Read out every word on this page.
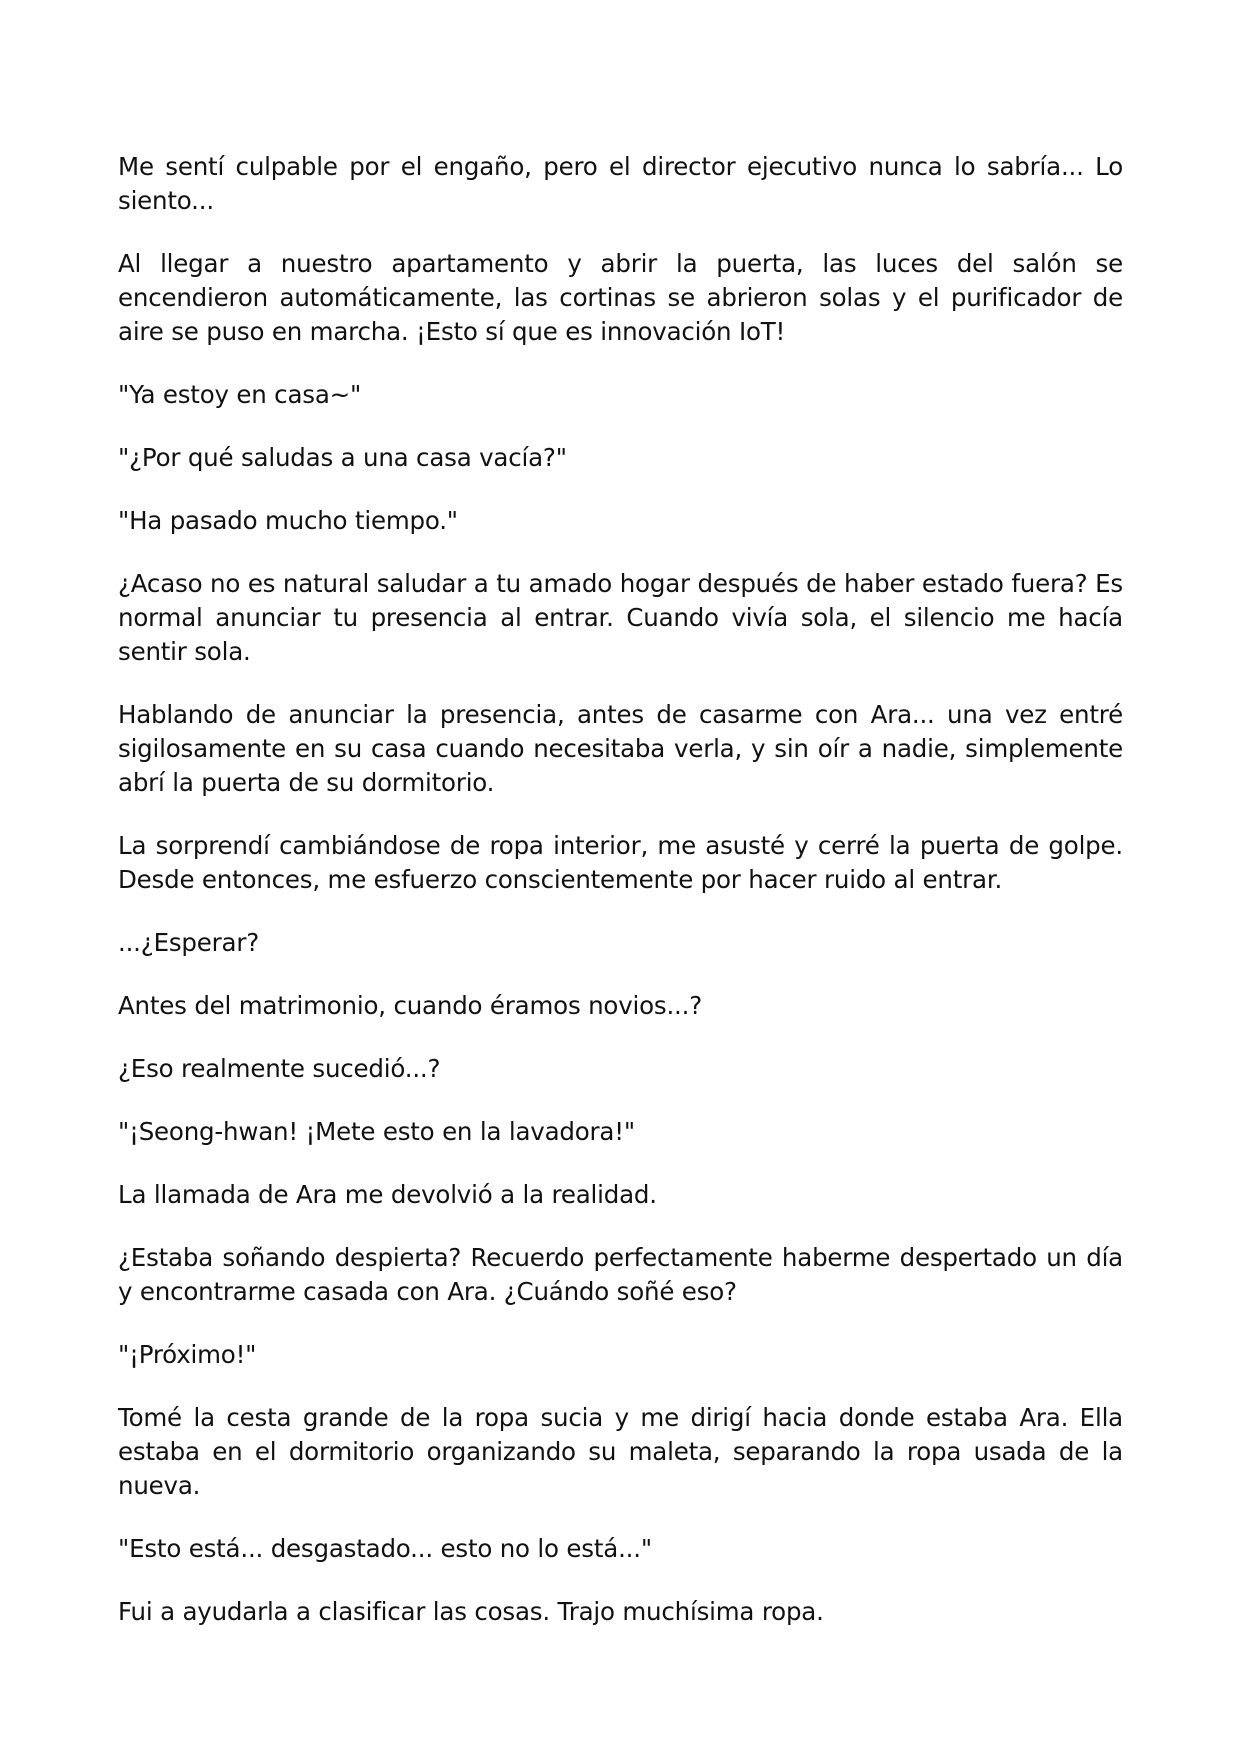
Me sentí culpable por el engaño, pero el director ejecutivo nunca lo sabría... Lo siento...

Al llegar a nuestro apartamento y abrir la puerta, las luces del salón se encendieron automáticamente, las cortinas se abrieron solas y el purificador de aire se puso en marcha. ¡Esto sí que es innovación IoT!

"Ya estoy en casa~"

"¿Por qué saludas a una casa vacía?"

"Ha pasado mucho tiempo."

¿Acaso no es natural saludar a tu amado hogar después de haber estado fuera? Es normal anunciar tu presencia al entrar. Cuando vivía sola, el silencio me hacía sentir sola.

Hablando de anunciar la presencia, antes de casarme con Ara... una vez entré sigilosamente en su casa cuando necesitaba verla, y sin oír a nadie, simplemente abrí la puerta de su dormitorio.

La sorprendí cambiándose de ropa interior, me asusté y cerré la puerta de golpe. Desde entonces, me esfuerzo conscientemente por hacer ruido al entrar.

...¿Esperar?

Antes del matrimonio, cuando éramos novios...?

¿Eso realmente sucedió...?

"¡Seong-hwan! ¡Mete esto en la lavadora!"

La llamada de Ara me devolvió a la realidad.

¿Estaba soñando despierta? Recuerdo perfectamente haberme despertado un día y encontrarme casada con Ara. ¿Cuándo soñé eso?

"¡Próximo!"

Tomé la cesta grande de la ropa sucia y me dirigí hacia donde estaba Ara. Ella estaba en el dormitorio organizando su maleta, separando la ropa usada de la nueva.

"Esto está... desgastado... esto no lo está..."

Fui a ayudarla a clasificar las cosas. Trajo muchísima ropa.
